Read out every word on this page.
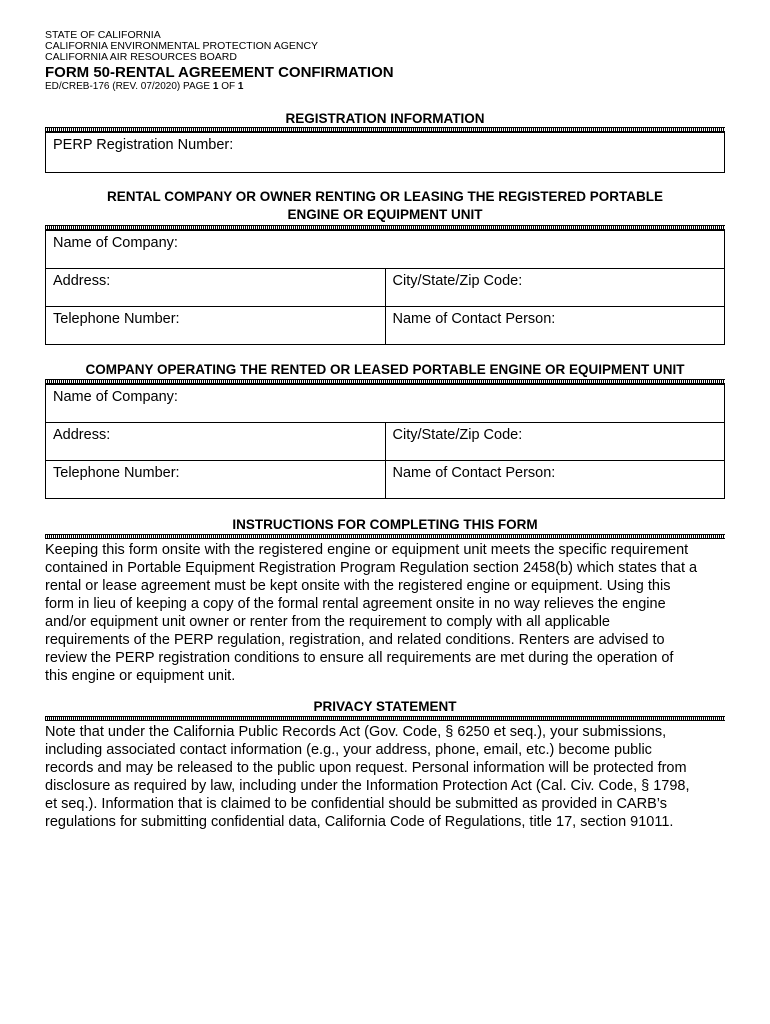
STATE OF CALIFORNIA
CALIFORNIA ENVIRONMENTAL PROTECTION AGENCY
CALIFORNIA AIR RESOURCES BOARD
FORM 50-RENTAL AGREEMENT CONFIRMATION
ED/CREB-176 (REV. 07/2020) PAGE 1 OF 1
REGISTRATION INFORMATION
PERP Registration Number:
RENTAL COMPANY OR OWNER RENTING OR LEASING THE REGISTERED PORTABLE
ENGINE OR EQUIPMENT UNIT
Name of Company:	
Address:	City/State/Zip Code:
Telephone Number:	Name of Contact Person:
COMPANY OPERATING THE RENTED OR LEASED PORTABLE ENGINE OR EQUIPMENT UNIT
Name of Company:	
Address:	City/State/Zip Code:
Telephone Number:	Name of Contact Person:
INSTRUCTIONS FOR COMPLETING THIS FORM
Keeping this form onsite with the registered engine or equipment unit meets the specific requirement
contained in Portable Equipment Registration Program Regulation section 2458(b) which states that a
rental or lease agreement must be kept onsite with the registered engine or equipment. Using this
form in lieu of keeping a copy of the formal rental agreement onsite in no way relieves the engine
and/or equipment unit owner or renter from the requirement to comply with all applicable
requirements of the PERP regulation, registration, and related conditions. Renters are advised to
review the PERP registration conditions to ensure all requirements are met during the operation of
this engine or equipment unit.
PRIVACY STATEMENT
Note that under the California Public Records Act (Gov. Code, § 6250 et seq.), your submissions,
including associated contact information (e.g., your address, phone, email, etc.) become public
records and may be released to the public upon request. Personal information will be protected from
disclosure as required by law, including under the Information Protection Act (Cal. Civ. Code, § 1798,
et seq.). Information that is claimed to be confidential should be submitted as provided in CARB’s
regulations for submitting confidential data, California Code of Regulations, title 17, section 91011.
